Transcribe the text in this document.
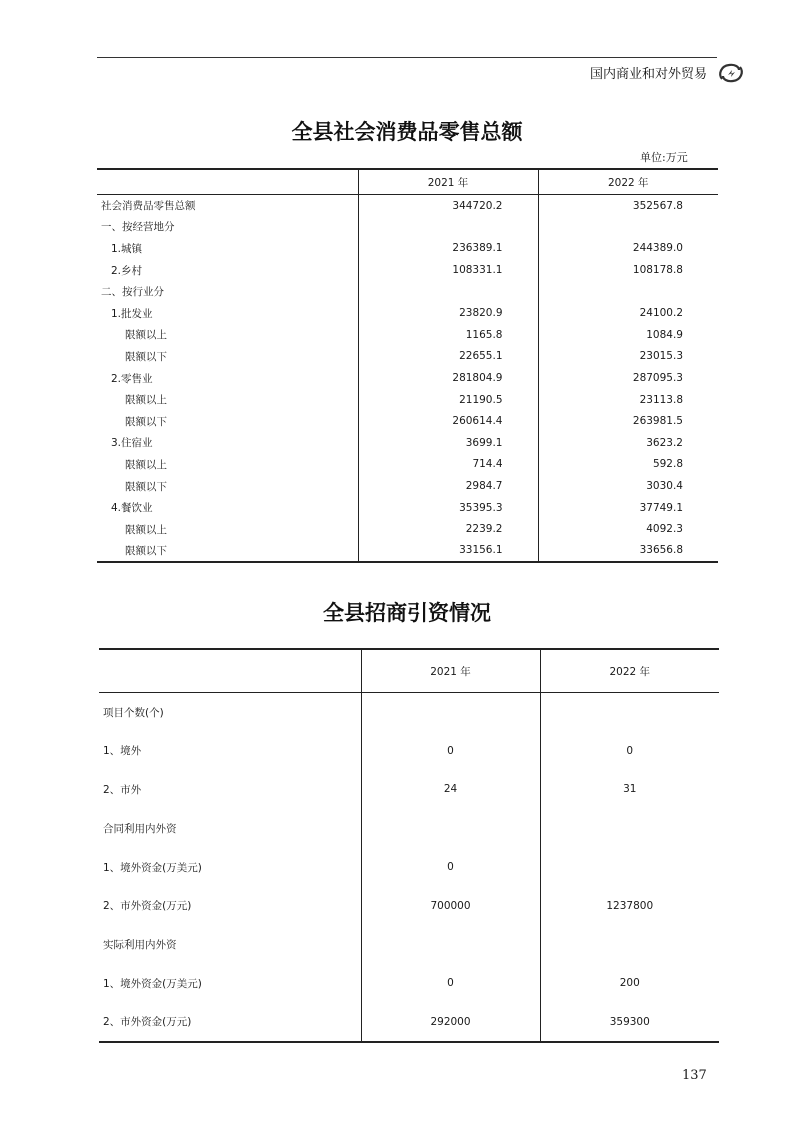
国内商业和对外贸易
全县社会消费品零售总额
单位:万元
	2021 年	2022 年
社会消费品零售总额	344720.2	352567.8
一、按经营地分		
1.城镇	236389.1	244389.0
2.乡村	108331.1	108178.8
二、按行业分		
1.批发业	23820.9	24100.2
限额以上	1165.8	1084.9
限额以下	22655.1	23015.3
2.零售业	281804.9	287095.3
限额以上	21190.5	23113.8
限额以下	260614.4	263981.5
3.住宿业	3699.1	3623.2
限额以上	714.4	592.8
限额以下	2984.7	3030.4
4.餐饮业	35395.3	37749.1
限额以上	2239.2	4092.3
限额以下	33156.1	33656.8
全县招商引资情况
	2021 年	2022 年
项目个数(个)		
1、境外	0	0
2、市外	24	31
合同利用内外资		
1、境外资金(万美元)	0	
2、市外资金(万元)	700000	1237800
实际利用内外资		
1、境外资金(万美元)	0	200
2、市外资金(万元)	292000	359300
137
